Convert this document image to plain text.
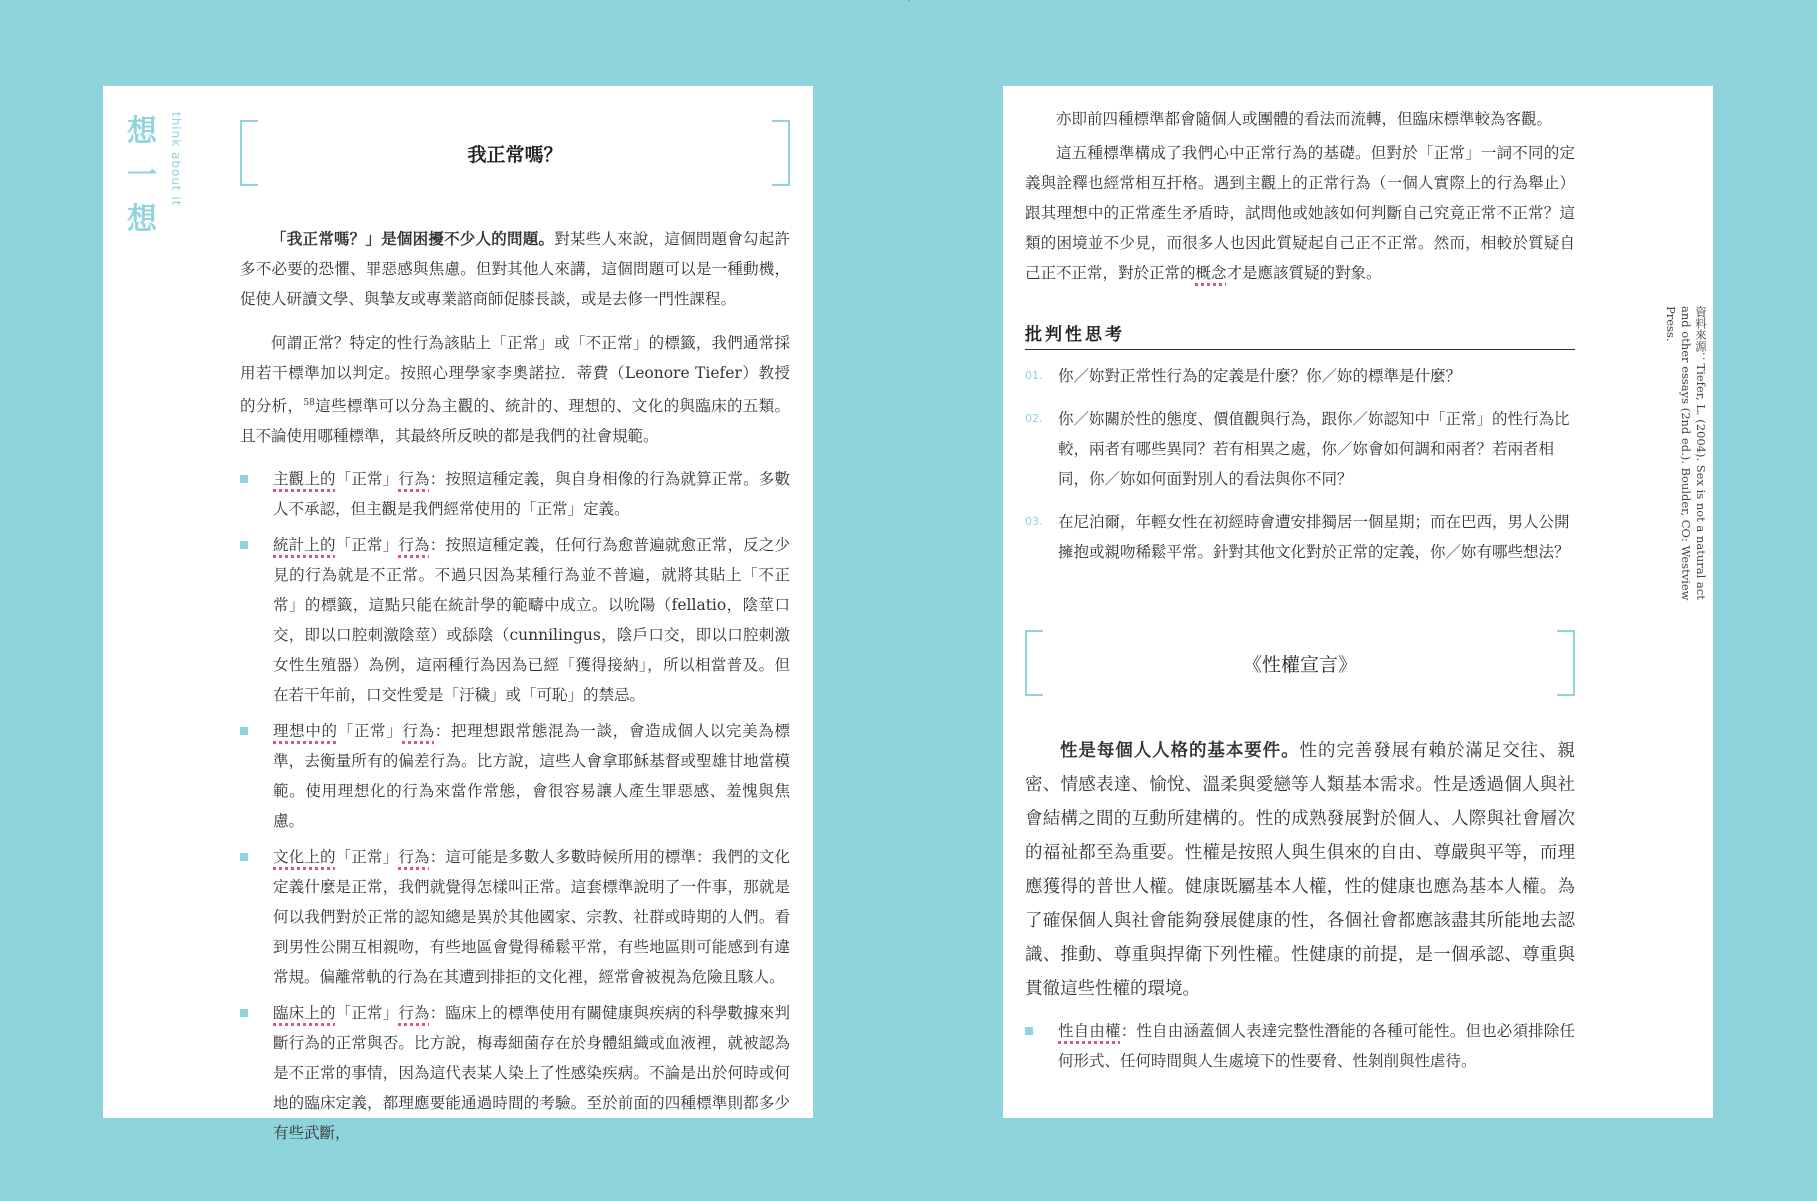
ˊ
想
一
想
think about it	我正常嗎？

「我正常嗎？」是個困擾不少人的問題。對某些人來說，這個問題會勾起許多不必要的恐懼、罪惡感與焦慮。但對其他人來講，這個問題可以是一種動機，促使人研讀文學、與摯友或專業諮商師促膝長談，或是去修一門性課程。

何謂正常？特定的性行為該貼上「正常」或「不正常」的標籤，我們通常採用若干標準加以判定。按照心理學家李奧諾拉．蒂費（Leonore Tiefer）教授的分析，$^{58}$這些標準可以分為主觀的、統計的、理想的、文化的與臨床的五類。且不論使用哪種標準，其最終所反映的都是我們的社會規範。

主觀上的「正常」行為：按照這種定義，與自身相像的行為就算正常。多數人不承認，但主觀是我們經常使用的「正常」定義。
統計上的「正常」行為：按照這種定義，任何行為愈普遍就愈正常，反之少見的行為就是不正常。不過只因為某種行為並不普遍，就將其貼上「不正常」的標籤，這點只能在統計學的範疇中成立。以吮陽（fellatio，陰莖口交，即以口腔刺激陰莖）或舔陰（cunnilingus，陰戶口交，即以口腔刺激女性生殖器）為例，這兩種行為因為已經「獲得接納」，所以相當普及。但在若干年前，口交性愛是「汙穢」或「可恥」的禁忌。
理想中的「正常」行為：把理想跟常態混為一談，會造成個人以完美為標準，去衡量所有的偏差行為。比方說，這些人會拿耶穌基督或聖雄甘地當模範。使用理想化的行為來當作常態，會很容易讓人產生罪惡感、羞愧與焦慮。
文化上的「正常」行為：這可能是多數人多數時候所用的標準：我們的文化定義什麼是正常，我們就覺得怎樣叫正常。這套標準說明了一件事，那就是何以我們對於正常的認知總是異於其他國家、宗教、社群或時期的人們。看到男性公開互相親吻，有些地區會覺得稀鬆平常，有些地區則可能感到有違常規。偏離常軌的行為在其遭到排拒的文化裡，經常會被視為危險且駭人。
臨床上的「正常」行為：臨床上的標準使用有關健康與疾病的科學數據來判斷行為的正常與否。比方說，梅毒細菌存在於身體組織或血液裡，就被認為是不正常的事情，因為這代表某人染上了性感染疾病。不論是出於何時或何地的臨床定義，都理應要能通過時間的考驗。至於前面的四種標準則都多少有些武斷，

亦即前四種標準都會隨個人或團體的看法而流轉，但臨床標準較為客觀。

這五種標準構成了我們心中正常行為的基礎。但對於「正常」一詞不同的定義與詮釋也經常相互扞格。遇到主觀上的正常行為（一個人實際上的行為舉止）跟其理想中的正常產生矛盾時，試問他或她該如何判斷自己究竟正常不正常？這類的困境並不少見，而很多人也因此質疑起自己正不正常。然而，相較於質疑自己正不正常，對於正常的概念才是應該質疑的對象。

批判性思考
01. 你／妳對正常性行為的定義是什麼？你／妳的標準是什麼？
02. 你／妳關於性的態度、價值觀與行為，跟你／妳認知中「正常」的性行為比較，兩者有哪些異同？若有相異之處，你／妳會如何調和兩者？若兩者相同，你／妳如何面對別人的看法與你不同？
03. 在尼泊爾，年輕女性在初經時會遭安排獨居一個星期；而在巴西，男人公開擁抱或親吻稀鬆平常。針對其他文化對於正常的定義，你／妳有哪些想法？
《性權宣言》

性是每個人人格的基本要件。性的完善發展有賴於滿足交往、親密、情感表達、愉悅、溫柔與愛戀等人類基本需求。性是透過個人與社會結構之間的互動所建構的。性的成熟發展對於個人、人際與社會層次的福祉都至為重要。性權是按照人與生俱來的自由、尊嚴與平等，而理應獲得的普世人權。健康既屬基本人權，性的健康也應為基本人權。為了確保個人與社會能夠發展健康的性，各個社會都應該盡其所能地去認識、推動、尊重與捍衛下列性權。性健康的前提，是一個承認、尊重與貫徹這些性權的環境。

性自由權：性自由涵蓋個人表達完整性潛能的各種可能性。但也必須排除任何形式、任何時間與人生處境下的性要脅、性剝削與性虐待。
資料來源：Tiefer, L. (2004). Sex is not a natural act and other essays (2nd ed.). Boulder, CO: Westview Press.
